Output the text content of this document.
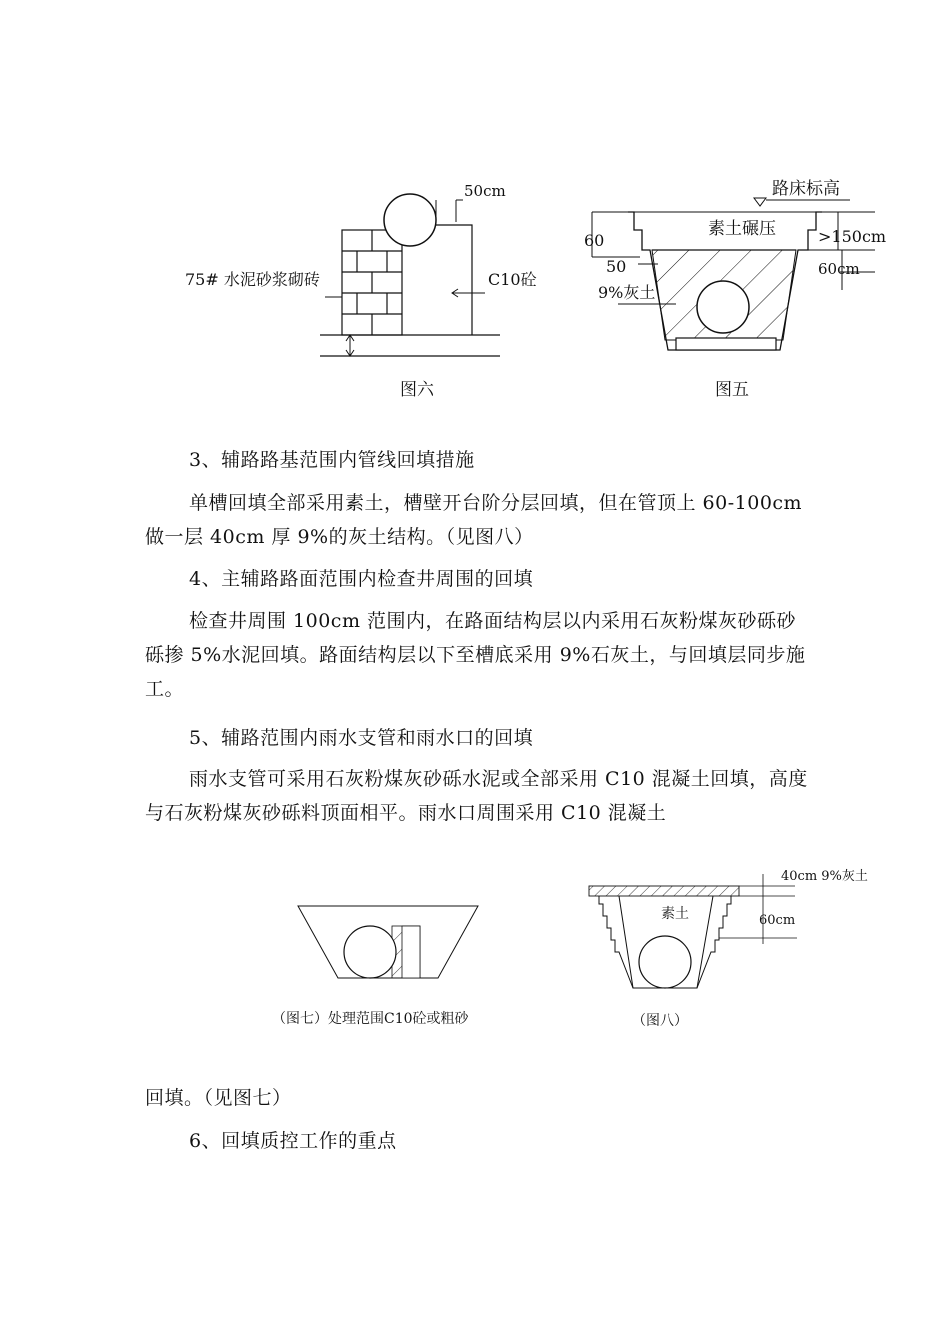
50cm
75# 水泥砂浆砌砖	C10砼
图六
路床标高
素土碾压
60
50
9%灰土
>150cm
60cm
图五

3、辅路路基范围内管线回填措施

单槽回填全部采用素土，槽壁开台阶分层回填，但在管顶上 60-100cm 做一层 40cm 厚 9%的灰土结构。（见图八）

4、主辅路路面范围内检查井周围的回填

检查井周围 100cm 范围内，在路面结构层以内采用石灰粉煤灰砂砾砂砾掺 5%水泥回填。路面结构层以下至槽底采用 9%石灰土，与回填层同步施工。

5、辅路范围内雨水支管和雨水口的回填

雨水支管可采用石灰粉煤灰砂砾水泥或全部采用 C10 混凝土回填，高度与石灰粉煤灰砂砾料顶面相平。雨水口周围采用 C10 混凝土

（图七）处理范围C10砼或粗砂
素土
40cm 9%灰土
60cm
（图八）

回填。（见图七）

6、回填质控工作的重点
